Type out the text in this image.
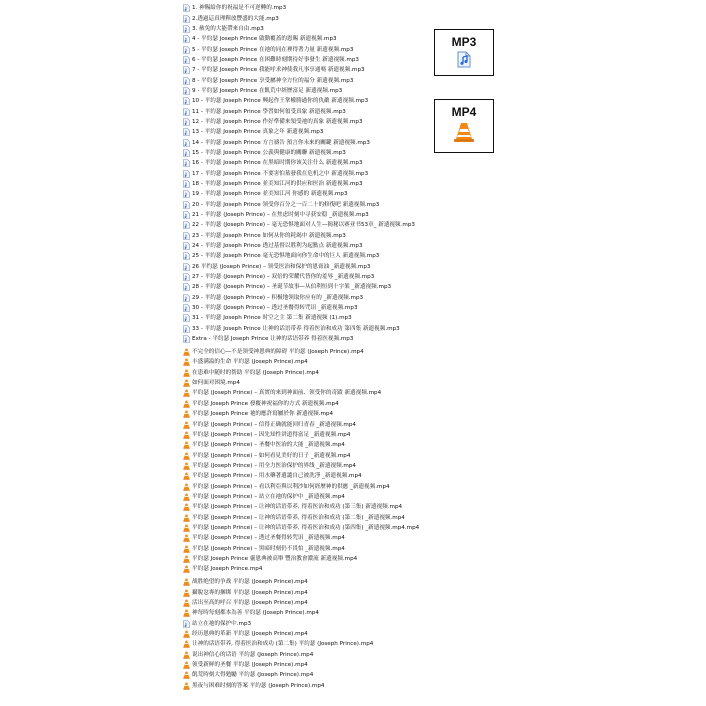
1. 神賜給你的祝福是不可逆轉的.mp3
2.透過這真理釋放豐盛的大能.mp3
3. 赦免的大能帶來自由.mp3
4 - 平約瑟 Joseph Prince 啟動覆蓋的恩賜 新遗视频.mp3
5 - 平約瑟 Joseph Prince 在祂的同在裡得著力量 新遗视频.mp3
6 - 平約瑟 Joseph Prince 在困難時刻期待好事發生 新遗视频.mp3
7 - 平約瑟 Joseph Prince 我能呼求神使我凡事享通嗎 新遗视频.mp3
8 - 平約瑟 Joseph Prince 享受屬神全方位的福分 新遗视频.mp3
9 - 平約瑟 Joseph Prince 在飢荒中經歷富足 新遗视频.mp3
10 - 平約瑟 Joseph Prince 興起作王掌權勝過你的仇敵 新遗视频.mp3
11 - 平約瑟 Joseph Prince 學習如何領受真象 新遗视频.mp3
12 - 平約瑟 Joseph Prince 作好準備來領受祂的真象 新遗视频.mp3
13 - 平約瑟 Joseph Prince 真象之年 新遗视频.mp3
14 - 平約瑟 Joseph Prince 方言禱告 預言你未來的關鍵 新遗视频.mp3
15 - 平約瑟 Joseph Prince 公義與健康的關聯 新遗视频.mp3
16 - 平約瑟 Joseph Prince 在黑暗时期你该关注什么 新遗视频.mp3
17 - 平約瑟 Joseph Prince 不要害怕墓發我在危机之中 新遗视频.mp3
18 - 平約瑟 Joseph Prince 並奀知江河的供应和医治 新遗视频.mp3
19 - 平約瑟 Joseph Prince 並奀知江河 你感的 新遗视频.mp3
20 - 平約瑟 Joseph Prince 领受你百分之一百二十的修復吧 新遗视频.mp3
21 - 平約瑟 (Joseph Prince) – 在焦虑时刻中寻获安稳 _新遗视频.mp3
22 - 平約瑟 (Joseph Prince) – 毫无恐惧地面对人生—揭秘以赛亚书53章_ 新遗视频.mp3
23 - 平約瑟 Joseph Prince 如何从你的耗竭中 新遗视频.mp3
24 - 平約瑟 Joseph Prince 透过基督以胜利为起點点 新遗视频.mp3
25 - 平約瑟 Joseph Prince 毫无恐惧地面向你生命中的巨人 新遗视频.mp3
26 平约瑟 (Joseph Prince) – 领受医治和保护的恩膏油 _新遗视频.mp3
27 - 平約瑟 (Joseph Prince) – 双倍的荣耀代替你的羞辱 _新遗视频.mp3
28 - 平約瑟 (Joseph Prince) – 圣诞节故事—从伯利恒到十字架 _新遗视频.mp3
29 - 平約瑟 (Joseph Prince) – 积极地领取你应有的 _新遗视频.mp3
30 - 平約瑟 (Joseph Prince) – 透过圣餐得转咒诅 _新遗视频.mp3
31 - 平約瑟 Joseph Prince 时空之主 第二集 新遗视频 (1).mp3
33 - 平約瑟 Joseph Prince 让神的话语带养 得着医治和成功 第四集 新遗视频.mp3
Extra - 平約瑟 Joseph Prince 让神的话语带养 得着医视频.mp3
不完全的信心—不是领受神恩典的障碍 平約瑟 (Joseph Prince).mp4
丰盛满溢的生命 平約瑟 (Joseph Prince).mp4
在患难中随时的帮助 平約瑟 (Joseph Prince).mp4
如何面对困境.mp4
平約瑟 (Joseph Prince) – 真實的來到神面前、领受你的奇蹟 新遗视频.mp4
平約瑟 Joseph Prince 發覆神祝福你的方式 新遗视频.mp4
平約瑟 Joseph Prince 祂的應許寫屬於你 新遗视频.mp4
平約瑟 (Joseph Prince) – 信得正确就能回归青春 _新遗视频.mp4
平約瑟 (Joseph Prince) – 因先知性讲道得富足 _新遗视频.mp4
平約瑟 (Joseph Prince) – 圣餐中医治的大能 _新遗视频.mp4
平約瑟 (Joseph Prince) – 如何看見美好的日子 _新遗视频.mp4
平約瑟 (Joseph Prince) – 用全力医治保护的界线 _新遗视频.mp4
平約瑟 (Joseph Prince) – 用水藥著遺譴自己被洗淨 _新遗视频.mp4
平約瑟 (Joseph Prince) – 看以利亞與以利沙如何經歷神的供應 _新遗视频.mp4
平約瑟 (Joseph Prince) – 站立在祂的保护中 _新遗视频.mp4
平約瑟 (Joseph Prince) – 让神的话语带养, 得着医治和成功 (第三集) 新遗视频.mp4
平約瑟 (Joseph Prince) – 让神的话语带养, 得着医治和成功 (第二集) _新遗视频.mp4
平約瑟 (Joseph Prince) – 让神的话语带养, 得着医治和成功 (第四集) _新遗视频.mp4.mp4
平約瑟 (Joseph Prince) – 透过圣餐得转咒诅 _新遗视频.mp4
平約瑟 (Joseph Prince) – 黑暗时刻仍不畏怕 _新遗视频.mp4
平約瑟 Joseph Prince 靈恩典被高舉 豐治教會濃流 新遗视频.mp4
平約瑟 Joseph Prince.mp4
战胜绝望的争战 平約瑟 (Joseph Prince).mp4
攝脫忿專的捆绑 平約瑟 (Joseph Prince).mp4
活出至高的呼召 平約瑟 (Joseph Prince).mp4
神每時每刻都本為善 平約瑟 (Joseph Prince).mp4
站立在祂的保护中.mp3
经历恩典的革新 平約瑟 (Joseph Prince).mp4
让神的话语带养, 得着医治和成功 (第二集) 平約瑟 (Joseph Prince).mp4
说出神信心的话语 平約瑟 (Joseph Prince).mp4
领受新鲜的圣餐 平約瑟 (Joseph Prince).mp4
飢荒時刻大得勉勵 平約瑟 (Joseph Prince).mp4
黑夜与困难时刻的答案 平約瑟 (Joseph Prince).mp4
MP3
MP4
